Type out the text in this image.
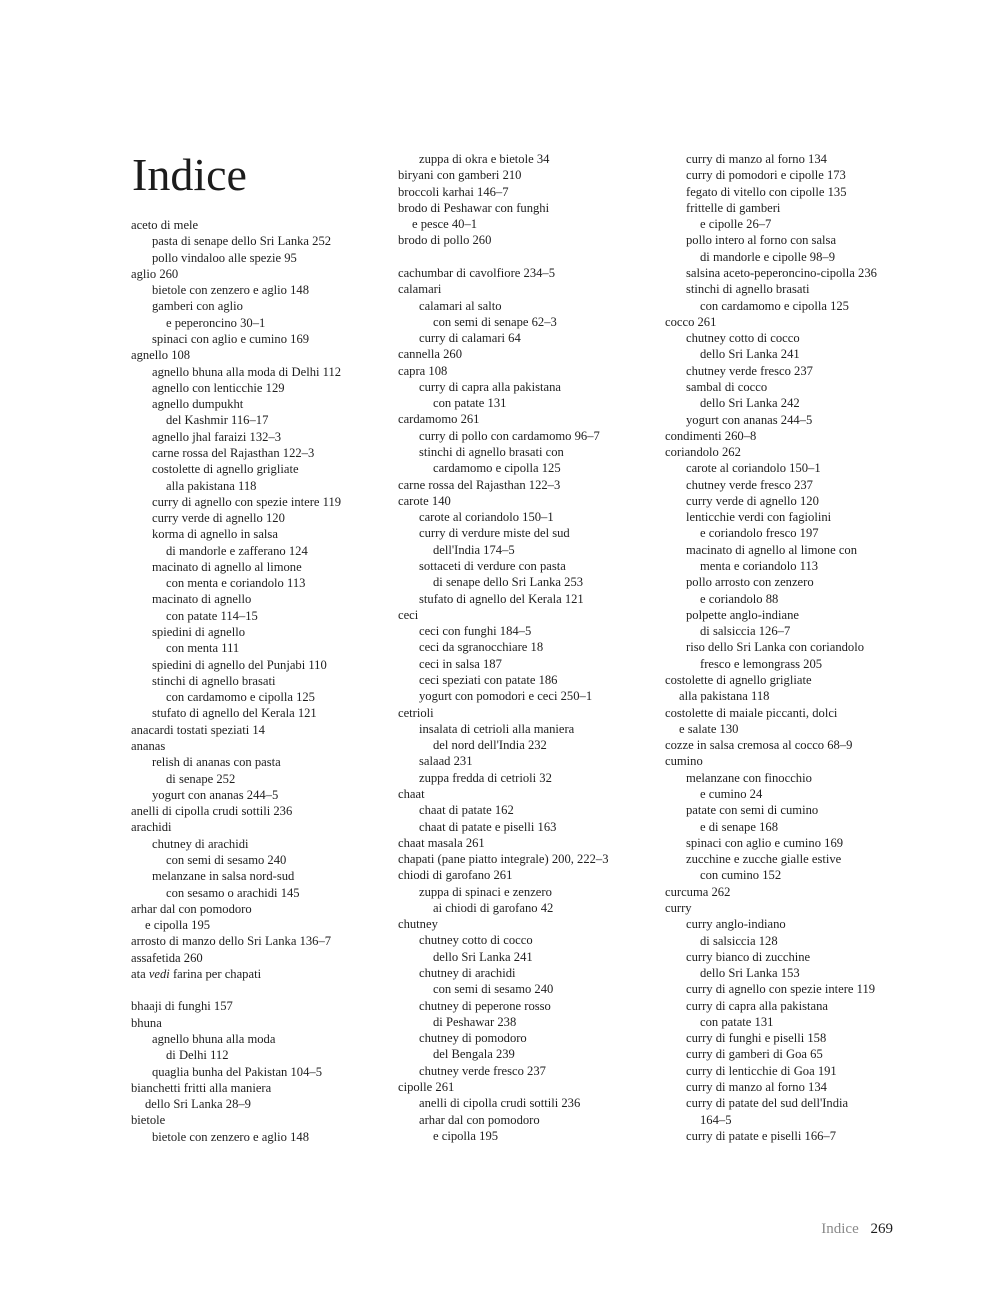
Indice
aceto di mele
pasta di senape dello Sri Lanka 252
pollo vindaloo alle spezie 95
aglio 260
bietole con zenzero e aglio 148
gamberi con aglio
e peperoncino 30–1
spinaci con aglio e cumino 169
agnello 108
agnello bhuna alla moda di Delhi 112
agnello con lenticchie 129
agnello dumpukht
del Kashmir 116–17
agnello jhal faraizi 132–3
carne rossa del Rajasthan 122–3
costolette di agnello grigliate
alla pakistana 118
curry di agnello con spezie intere 119
curry verde di agnello 120
korma di agnello in salsa
di mandorle e zafferano 124
macinato di agnello al limone
con menta e coriandolo 113
macinato di agnello
con patate 114–15
spiedini di agnello
con menta 111
spiedini di agnello del Punjabi 110
stinchi di agnello brasati
con cardamomo e cipolla 125
stufato di agnello del Kerala 121
anacardi tostati speziati 14
ananas
relish di ananas con pasta
di senape 252
yogurt con ananas 244–5
anelli di cipolla crudi sottili 236
arachidi
chutney di arachidi
con semi di sesamo 240
melanzane in salsa nord-sud
con sesamo o arachidi 145
arhar dal con pomodoro
e cipolla 195
arrosto di manzo dello Sri Lanka 136–7
assafetida 260
ata vedi farina per chapati
bhaaji di funghi 157
bhuna
agnello bhuna alla moda
di Delhi 112
quaglia bunha del Pakistan 104–5
bianchetti fritti alla maniera
dello Sri Lanka 28–9
bietole
bietole con zenzero e aglio 148
zuppa di okra e bietole 34
biryani con gamberi 210
broccoli karhai 146–7
brodo di Peshawar con funghi
e pesce 40–1
brodo di pollo 260
cachumbar di cavolfiore 234–5
calamari
calamari al salto
con semi di senape 62–3
curry di calamari 64
cannella 260
capra 108
curry di capra alla pakistana
con patate 131
cardamomo 261
curry di pollo con cardamomo 96–7
stinchi di agnello brasati con
cardamomo e cipolla 125
carne rossa del Rajasthan 122–3
carote 140
carote al coriandolo 150–1
curry di verdure miste del sud
dell'India 174–5
sottaceti di verdure con pasta
di senape dello Sri Lanka 253
stufato di agnello del Kerala 121
ceci
ceci con funghi 184–5
ceci da sgranocchiare 18
ceci in salsa 187
ceci speziati con patate 186
yogurt con pomodori e ceci 250–1
cetrioli
insalata di cetrioli alla maniera
del nord dell'India 232
salaad 231
zuppa fredda di cetrioli 32
chaat
chaat di patate 162
chaat di patate e piselli 163
chaat masala 261
chapati (pane piatto integrale) 200, 222–3
chiodi di garofano 261
zuppa di spinaci e zenzero
ai chiodi di garofano 42
chutney
chutney cotto di cocco
dello Sri Lanka 241
chutney di arachidi
con semi di sesamo 240
chutney di peperone rosso
di Peshawar 238
chutney di pomodoro
del Bengala 239
chutney verde fresco 237
cipolle 261
anelli di cipolla crudi sottili 236
arhar dal con pomodoro
e cipolla 195
curry di manzo al forno 134
curry di pomodori e cipolle 173
fegato di vitello con cipolle 135
frittelle di gamberi
e cipolle 26–7
pollo intero al forno con salsa
di mandorle e cipolle 98–9
salsina aceto-peperoncino-cipolla 236
stinchi di agnello brasati
con cardamomo e cipolla 125
cocco 261
chutney cotto di cocco
dello Sri Lanka 241
chutney verde fresco 237
sambal di cocco
dello Sri Lanka 242
yogurt con ananas 244–5
condimenti 260–8
coriandolo 262
carote al coriandolo 150–1
chutney verde fresco 237
curry verde di agnello 120
lenticchie verdi con fagiolini
e coriandolo fresco 197
macinato di agnello al limone con
menta e coriandolo 113
pollo arrosto con zenzero
e coriandolo 88
polpette anglo-indiane
di salsiccia 126–7
riso dello Sri Lanka con coriandolo
fresco e lemongrass 205
costolette di agnello grigliate
alla pakistana 118
costolette di maiale piccanti, dolci
e salate 130
cozze in salsa cremosa al cocco 68–9
cumino
melanzane con finocchio
e cumino 24
patate con semi di cumino
e di senape 168
spinaci con aglio e cumino 169
zucchine e zucche gialle estive
con cumino 152
curcuma 262
curry
curry anglo-indiano
di salsiccia 128
curry bianco di zucchine
dello Sri Lanka 153
curry di agnello con spezie intere 119
curry di capra alla pakistana
con patate 131
curry di funghi e piselli 158
curry di gamberi di Goa 65
curry di lenticchie di Goa 191
curry di manzo al forno 134
curry di patate del sud dell'India
164–5
curry di patate e piselli 166–7
Indice 269
